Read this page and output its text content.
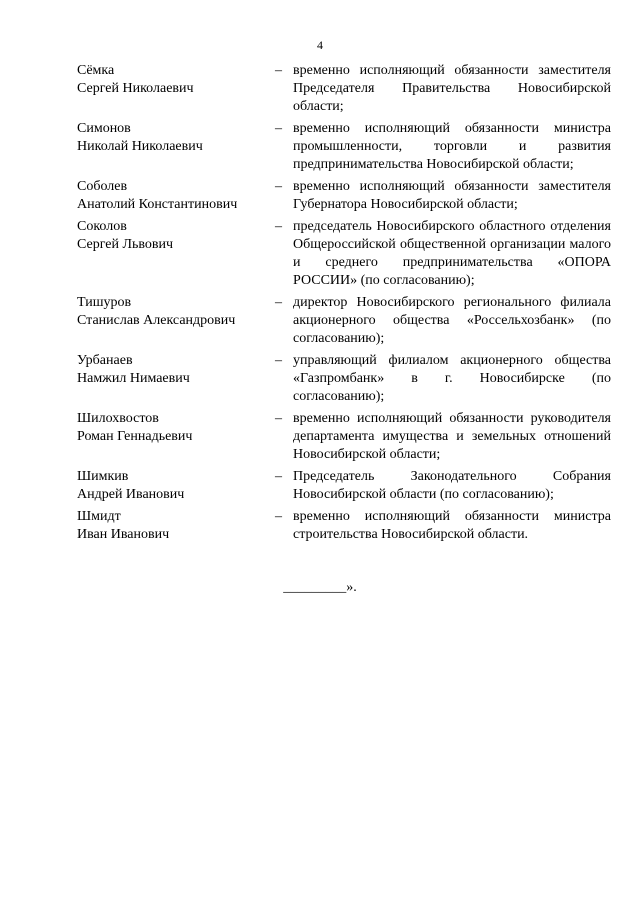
4
Сёмка
Сергей Николаевич
– временно исполняющий обязанности заместителя Председателя Правительства Новосибирской области;
Симонов
Николай Николаевич
– временно исполняющий обязанности министра промышленности, торговли и развития предпринимательства Новосибирской области;
Соболев
Анатолий Константинович
– временно исполняющий обязанности заместителя Губернатора Новосибирской области;
Соколов
Сергей Львович
– председатель Новосибирского областного отделения Общероссийской общественной организации малого и среднего предпринимательства «ОПОРА РОССИИ» (по согласованию);
Тишуров
Станислав Александрович
– директор Новосибирского регионального филиала акционерного общества «Россельхозбанк» (по согласованию);
Урбанаев
Намжил Нимаевич
– управляющий филиалом акционерного общества «Газпромбанк» в г. Новосибирске (по согласованию);
Шилохвостов
Роман Геннадьевич
– временно исполняющий обязанности руководителя департамента имущества и земельных отношений Новосибирской области;
Шимкив
Андрей Иванович
– Председатель Законодательного Собрания Новосибирской области (по согласованию);
Шмидт
Иван Иванович
– временно исполняющий обязанности министра строительства Новосибирской области.
_________».
